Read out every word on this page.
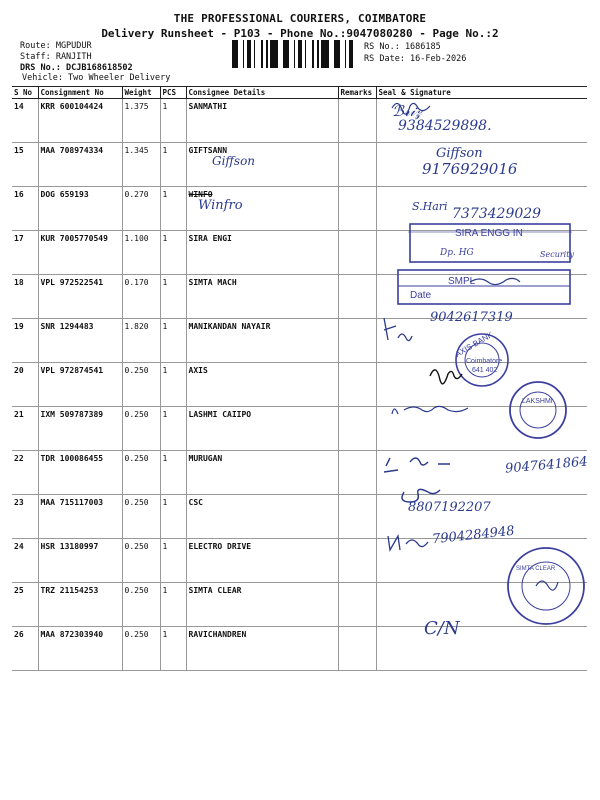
THE PROFESSIONAL COURIERS, COIMBATORE
Delivery Runsheet - P103 - Phone No.:9047080280 - Page No.:2
Route: MGPUDUR
Staff: RANJITH
DRS No.: DCJB168618502
Vehicle: Two Wheeler Delivery
RS No.: 1686185
RS Date: 16-Feb-2026
S No	Consignment No	Weight	PCS	Consignee Details	Remarks	Seal & Signature
14	KRR 600104424	1.375	1	SANMATHI		
15	MAA 708974334	1.345	1	GIFTSANN		
16	DOG 659193	0.270	1	WINFO		
17	KUR 7005770549	1.100	1	SIRA ENGI		
18	VPL 972522541	0.170	1	SIMTA MACH		
19	SNR 1294483	1.820	1	MANIKANDAN NAYAIR		
20	VPL 972874541	0.250	1	AXIS		
21	IXM 509787389	0.250	1	LASHMI CAIIPO		
22	TDR 100086455	0.250	1	MURUGAN		
23	MAA 715117003	0.250	1	CSC		
24	HSR 13180997	0.250	1	ELECTRO DRIVE		
25	TRZ 21154253	0.250	1	SIMTA CLEAR		
26	MAA 872303940	0.250	1	RAVICHANDREN		
ℬ𝓇𝒾𝓏
9384529898.
Giffson	Giffson
9176929016
Winfro	S.Hari 7373429029
9042617319
9047641864
8807192207
7904284948
C/N
SIRA ENGG IN
Dp. HG	Security
SMPL
Date
AXIS BANK
Coimbatore
641 402
LAKSHMI
SIMTA CLEAR
